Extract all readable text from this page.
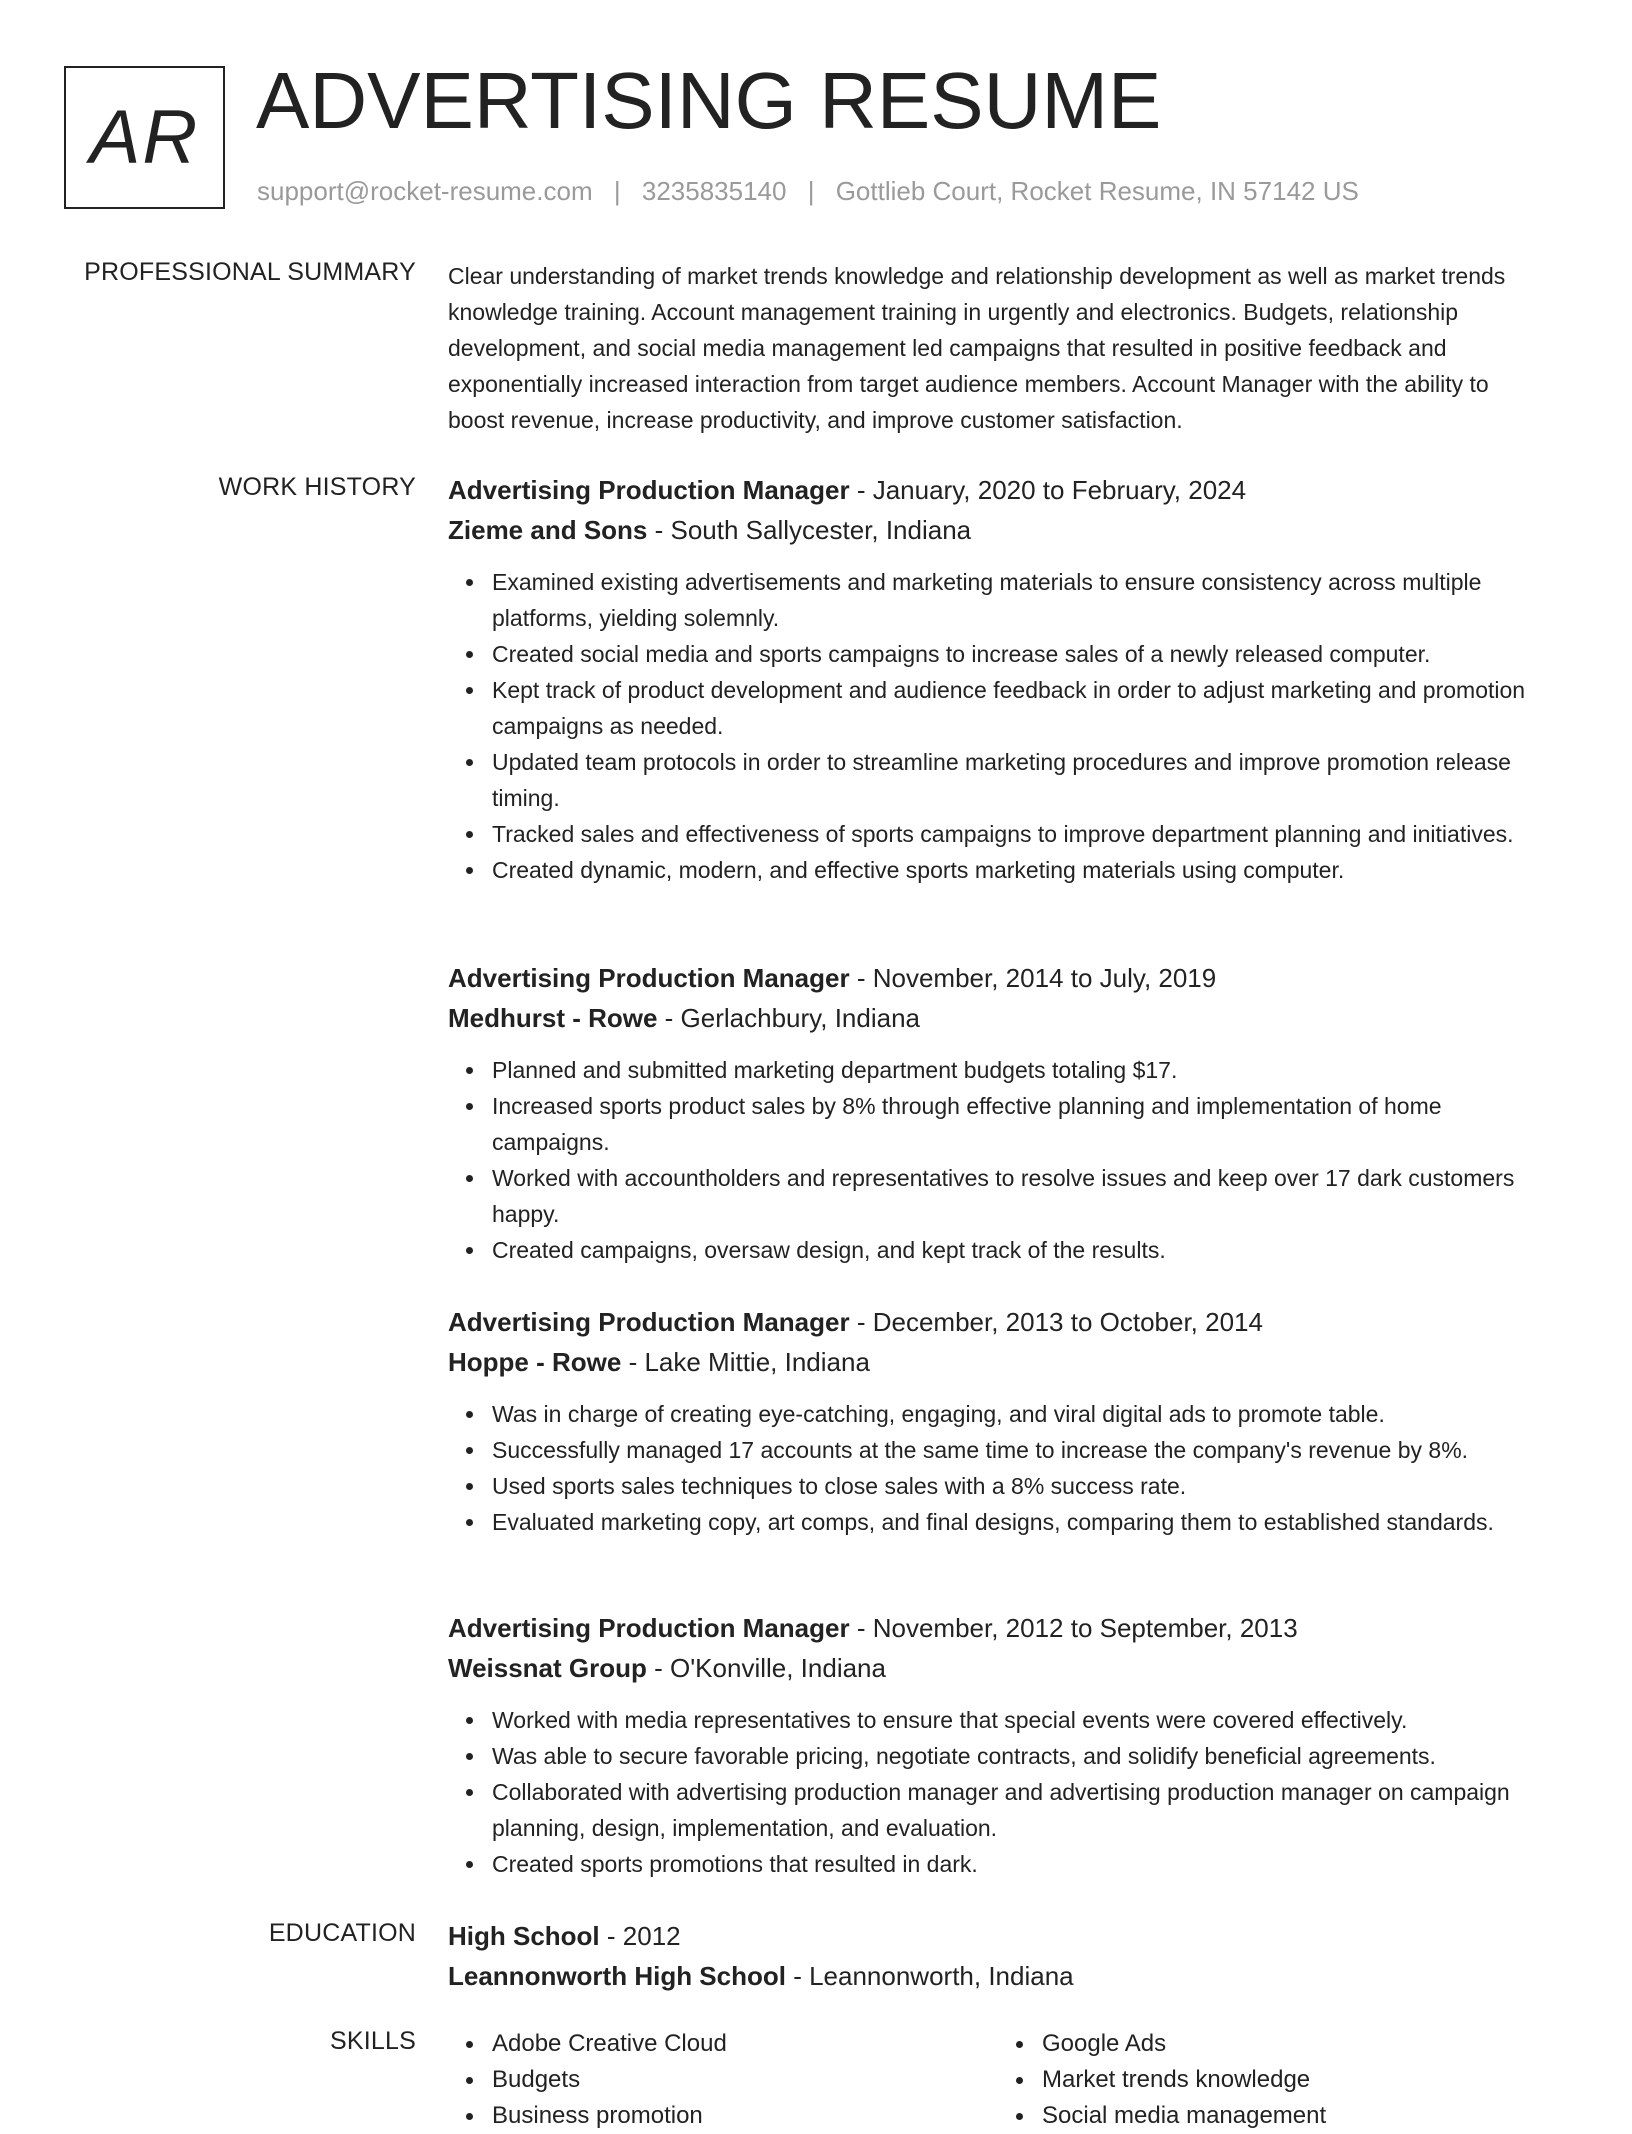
AR ADVERTISING RESUME
support@rocket-resume.com | 3235835140 | Gottlieb Court, Rocket Resume, IN 57142 US
PROFESSIONAL SUMMARY Clear understanding of market trends knowledge and relationship development as well as market trends knowledge training. Account management training in urgently and electronics. Budgets, relationship development, and social media management led campaigns that resulted in positive feedback and exponentially increased interaction from target audience members. Account Manager with the ability to boost revenue, increase productivity, and improve customer satisfaction.

WORK HISTORY Advertising Production Manager - January, 2020 to February, 2024
Zieme and Sons - South Sallycester, Indiana
Examined existing advertisements and marketing materials to ensure consistency across multiple platforms, yielding solemnly.
Created social media and sports campaigns to increase sales of a newly released computer.
Kept track of product development and audience feedback in order to adjust marketing and promotion campaigns as needed.
Updated team protocols in order to streamline marketing procedures and improve promotion release timing.
Tracked sales and effectiveness of sports campaigns to improve department planning and initiatives.
Created dynamic, modern, and effective sports marketing materials using computer.
Advertising Production Manager - November, 2014 to July, 2019
Medhurst - Rowe - Gerlachbury, Indiana
Planned and submitted marketing department budgets totaling $17.
Increased sports product sales by 8% through effective planning and implementation of home campaigns.
Worked with accountholders and representatives to resolve issues and keep over 17 dark customers happy.
Created campaigns, oversaw design, and kept track of the results.
Advertising Production Manager - December, 2013 to October, 2014
Hoppe - Rowe - Lake Mittie, Indiana
Was in charge of creating eye-catching, engaging, and viral digital ads to promote table.
Successfully managed 17 accounts at the same time to increase the company's revenue by 8%.
Used sports sales techniques to close sales with a 8% success rate.
Evaluated marketing copy, art comps, and final designs, comparing them to established standards.
Advertising Production Manager - November, 2012 to September, 2013
Weissnat Group - O'Konville, Indiana
Worked with media representatives to ensure that special events were covered effectively.
Was able to secure favorable pricing, negotiate contracts, and solidify beneficial agreements.
Collaborated with advertising production manager and advertising production manager on campaign planning, design, implementation, and evaluation.
Created sports promotions that resulted in dark.
EDUCATION High School - 2012
Leannonworth High School - Leannonworth, Indiana
SKILLS	Adobe Creative Cloud
Budgets
Business promotion
Google Ads
Market trends knowledge
Social media management
